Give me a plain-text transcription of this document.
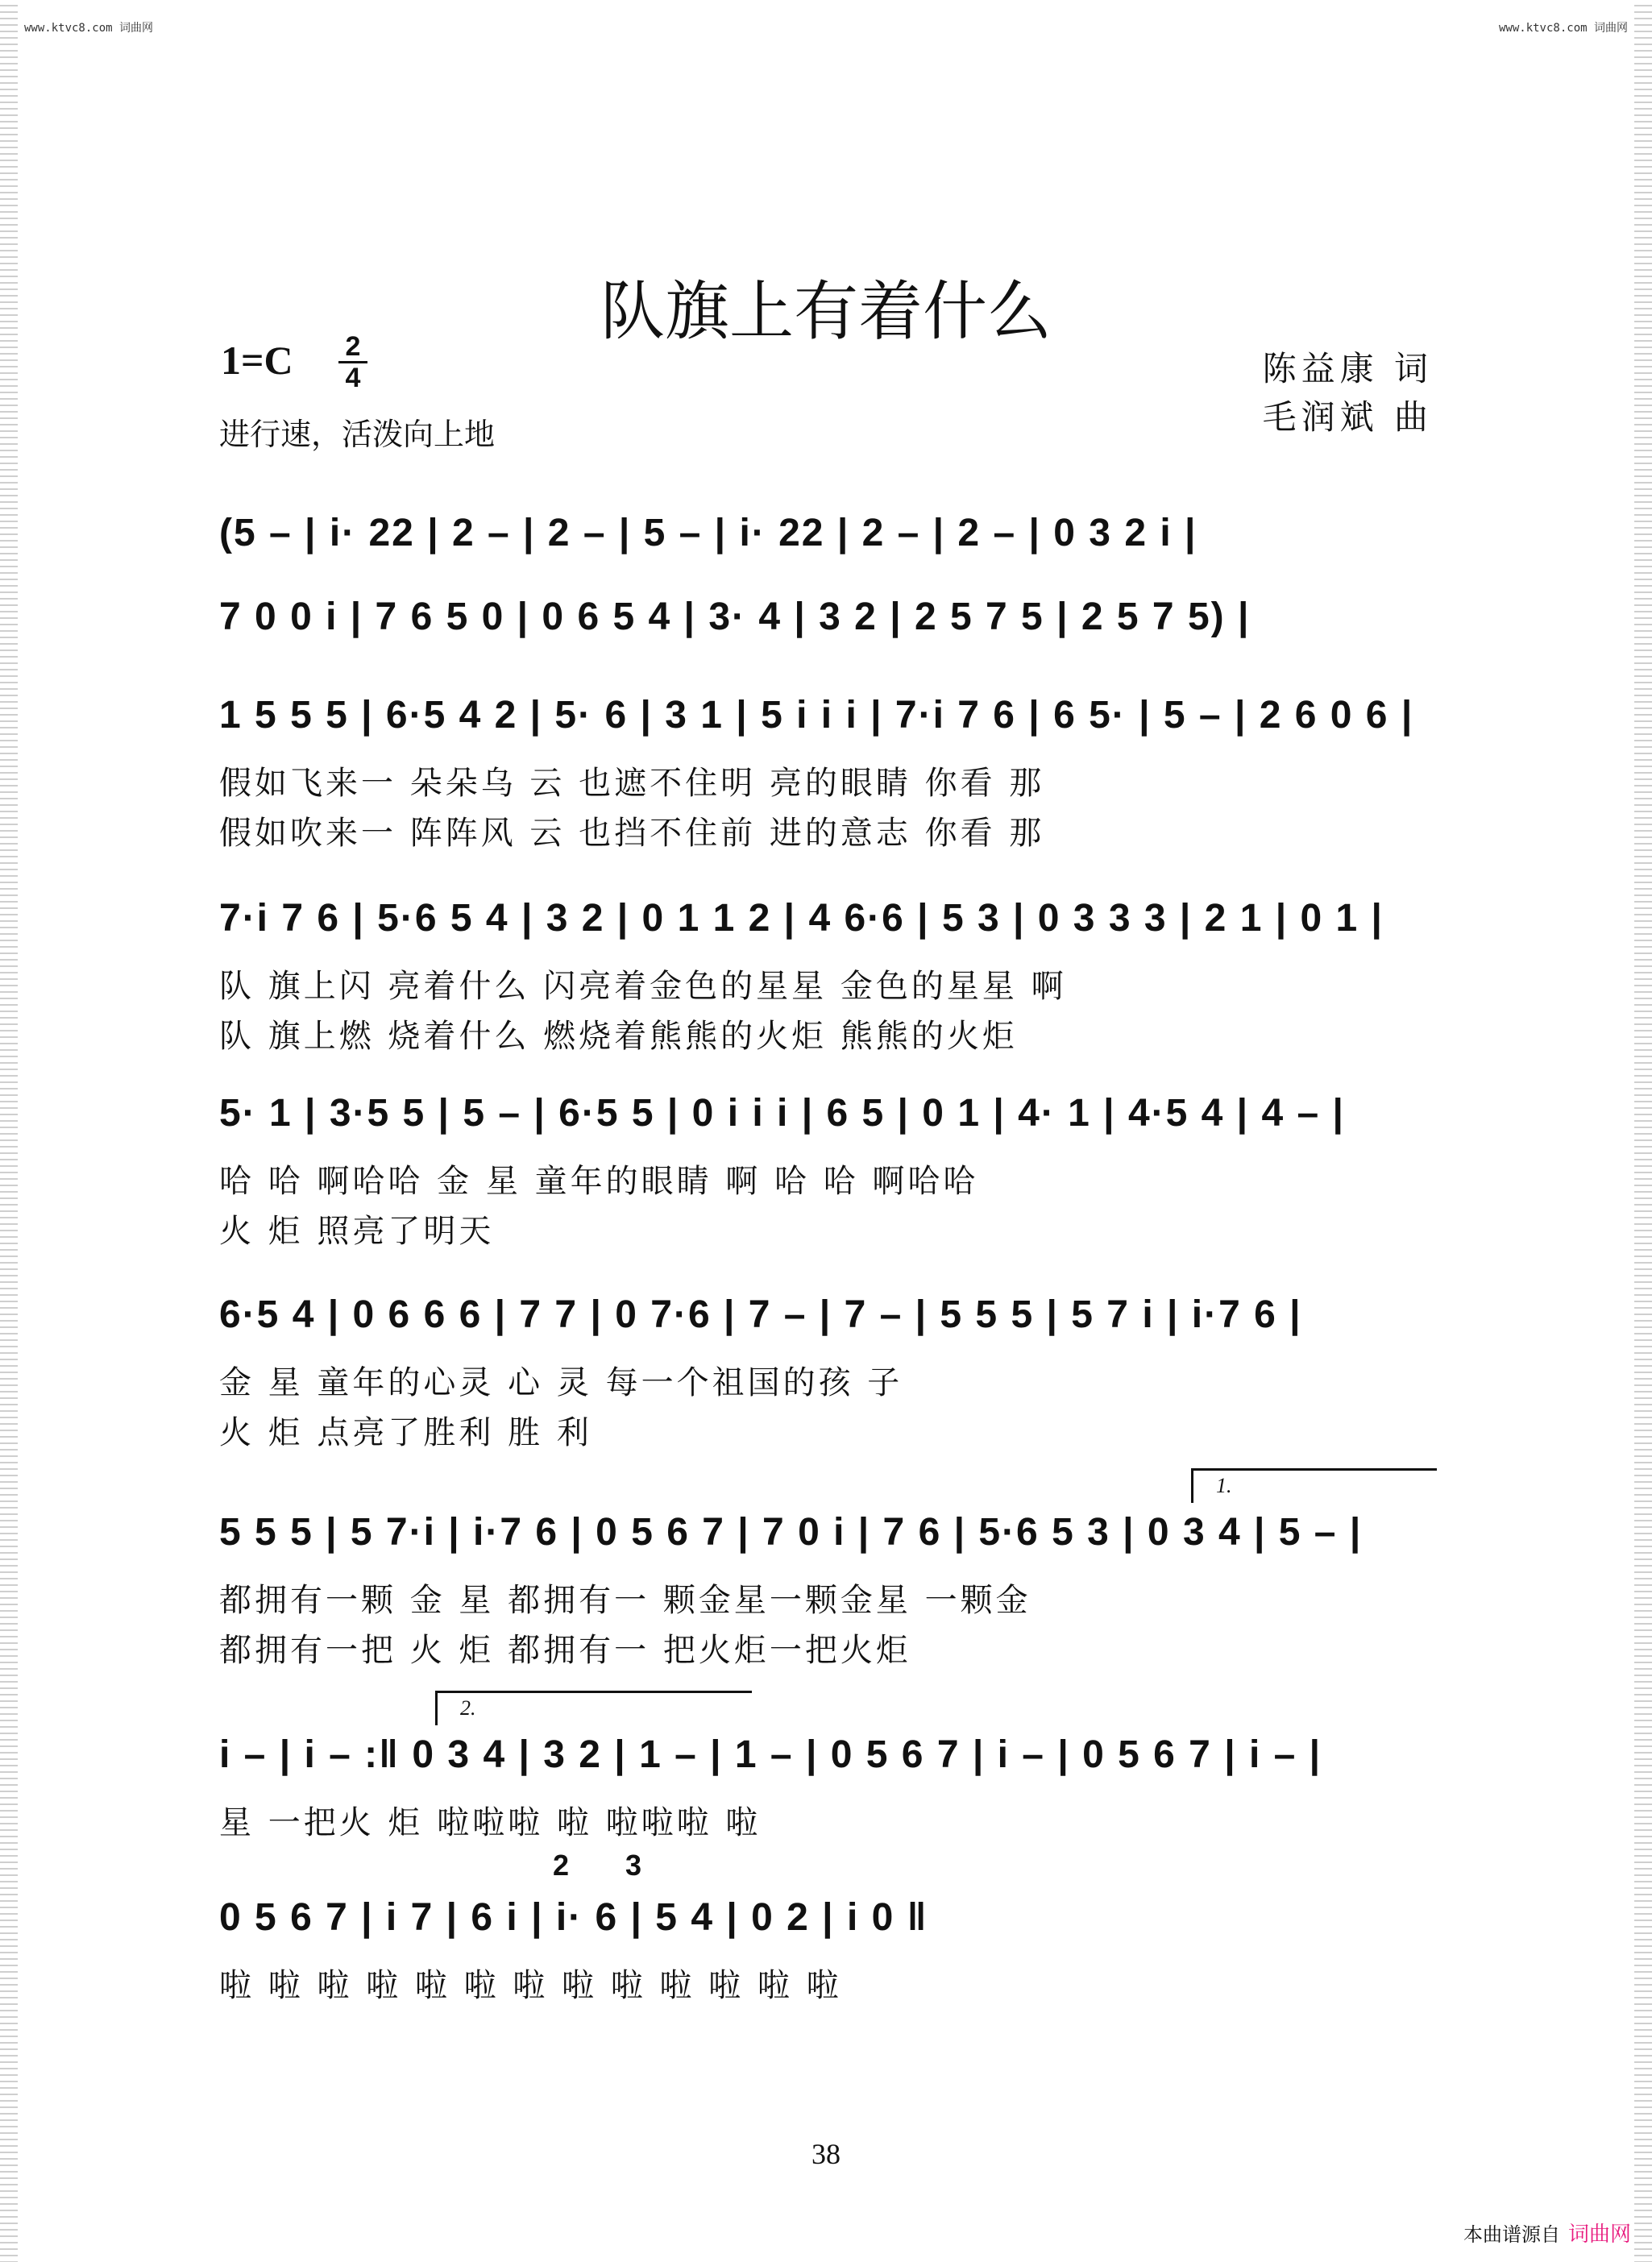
www.ktvc8.com 词曲网	www.ktvc8.com 词曲网
队旗上有着什么
1=C 2
4
进行速，活泼向上地
陈益康 词
毛润斌 曲
(5 – | i· 22 | 2 – | 2 – | 5 – | i· 22 | 2 – | 2 – | 0 3 2 i |
7 0 0 i | 7 6 5 0 | 0 6 5 4 | 3· 4 | 3 2 | 2 5 7 5 | 2 5 7 5) |
1 5 5 5 | 6·5 4 2 | 5· 6 | 3 1 | 5 i i i | 7·i 7 6 | 6 5· | 5 – | 2 6 0 6 |
假如飞来一 朵朵乌 云 也遮不住明 亮的眼睛 你看 那
假如吹来一 阵阵风 云 也挡不住前 进的意志 你看 那
7·i 7 6 | 5·6 5 4 | 3 2 | 0 1 1 2 | 4 6·6 | 5 3 | 0 3 3 3 | 2 1 | 0 1 |
队 旗上闪 亮着什么 闪亮着金色的星星 金色的星星 啊
队 旗上燃 烧着什么 燃烧着熊熊的火炬 熊熊的火炬
5· 1 | 3·5 5 | 5 – | 6·5 5 | 0 i i i | 6 5 | 0 1 | 4· 1 | 4·5 4 | 4 – |
哈 哈 啊哈哈 金 星 童年的眼睛 啊 哈 哈 啊哈哈
火 炬 照亮了明天
6·5 4 | 0 6 6 6 | 7 7 | 0 7·6 | 7 – | 7 – | 5 5 5 | 5 7 i | i·7 6 |
金 星 童年的心灵 心 灵 每一个祖国的孩 子
火 炬 点亮了胜利 胜 利
1.
5 5 5 | 5 7·i | i·7 6 | 0 5 6 7 | 7 0 i | 7 6 | 5·6 5 3 | 0 3 4 | 5 – |
都拥有一颗 金 星 都拥有一 颗金星一颗金星 一颗金
都拥有一把 火 炬 都拥有一 把火炬一把火炬
2.
i – | i – :‖ 0 3 4 | 3 2 | 1 – | 1 – | 0 5 6 7 | i – | 0 5 6 7 | i – |
星 一把火 炬 啦啦啦 啦 啦啦啦 啦
2 3
0 5 6 7 | i 7 | 6 i | i· 6 | 5 4 | 0 2 | i 0 ‖
啦 啦 啦 啦 啦 啦 啦 啦 啦 啦 啦 啦 啦
38
本曲谱源自 词曲网
